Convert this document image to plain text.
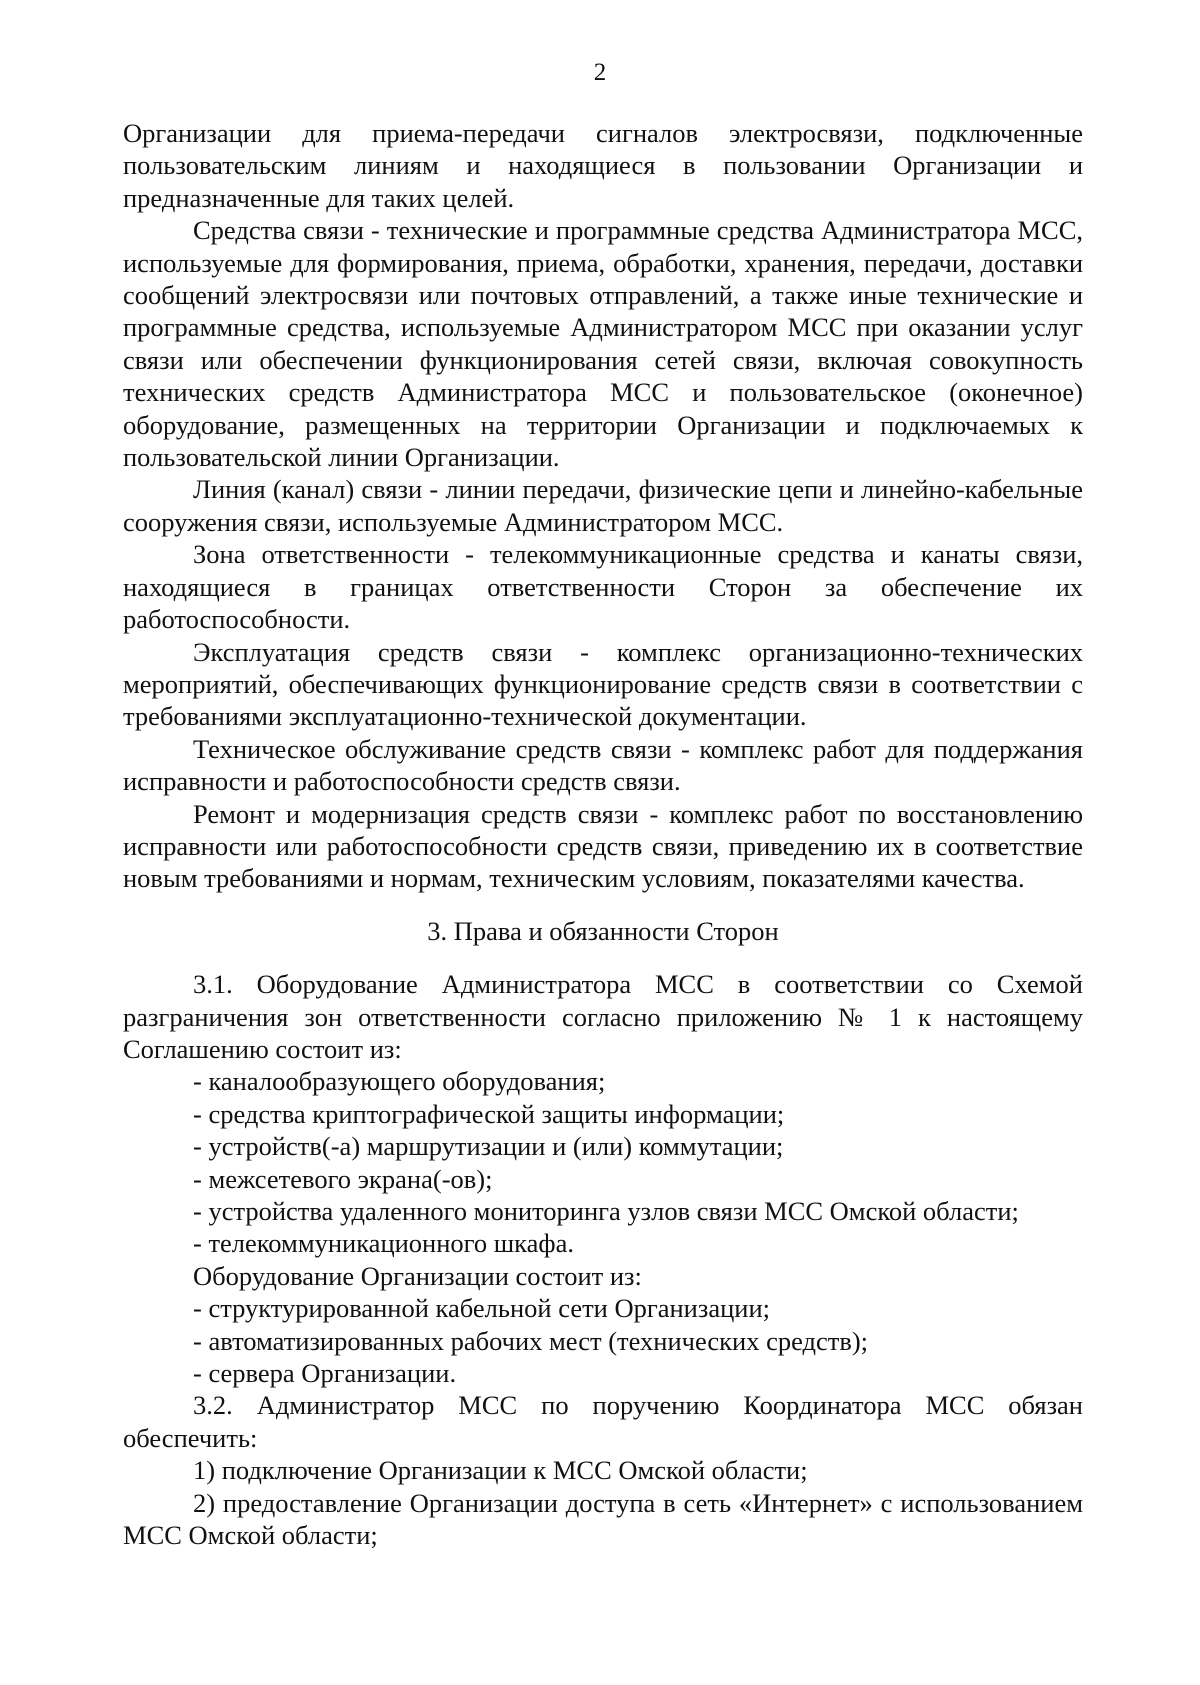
2

Организации для приема-передачи сигналов электросвязи, подключенные пользовательским линиям и находящиеся в пользовании Организации и предназначенные для таких целей.

Средства связи - технические и программные средства Администратора МСС, используемые для формирования, приема, обработки, хранения, передачи, доставки сообщений электросвязи или почтовых отправлений, а также иные технические и программные средства, используемые Администратором МСС при оказании услуг связи или обеспечении функционирования сетей связи, включая совокупность технических средств Администратора МСС и пользовательское (оконечное) оборудование, размещенных на территории Организации и подключаемых к пользовательской линии Организации.

Линия (канал) связи - линии передачи, физические цепи и линейно-кабельные сооружения связи, используемые Администратором МСС.

Зона ответственности - телекоммуникационные средства и канаты связи, находящиеся в границах ответственности Сторон за обеспечение их работоспособности.

Эксплуатация средств связи - комплекс организационно-технических мероприятий, обеспечивающих функционирование средств связи в соответствии с требованиями эксплуатационно-технической документации.

Техническое обслуживание средств связи - комплекс работ для поддержания исправности и работоспособности средств связи.

Ремонт и модернизация средств связи - комплекс работ по восстановлению исправности или работоспособности средств связи, приведению их в соответствие новым требованиями и нормам, техническим условиям, показателями качества.

3. Права и обязанности Сторон

3.1. Оборудование Администратора МСС в соответствии со Схемой разграничения зон ответственности согласно приложению № 1 к настоящему Соглашению состоит из:

- каналообразующего оборудования;

- средства криптографической защиты информации;

- устройств(-а) маршрутизации и (или) коммутации;

- межсетевого экрана(-ов);

- устройства удаленного мониторинга узлов связи МСС Омской области;

- телекоммуникационного шкафа.

Оборудование Организации состоит из:

- структурированной кабельной сети Организации;

- автоматизированных рабочих мест (технических средств);

- сервера Организации.

3.2. Администратор МСС по поручению Координатора МСС обязан обеспечить:

1) подключение Организации к МСС Омской области;

2) предоставление Организации доступа в сеть «Интернет» с использованием МСС Омской области;
